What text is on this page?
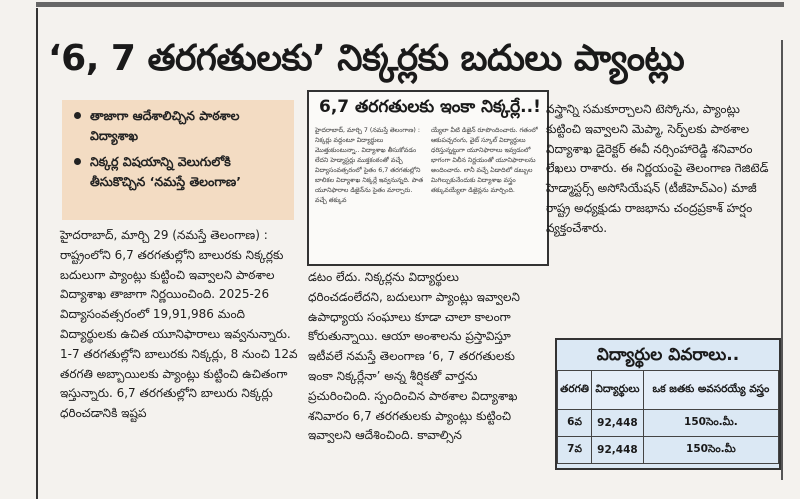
‘6, 7 తరగతులకు’ నిక్కర్లకు బదులు ప్యాంట్లు
తాజాగా ఆదేశాలిచ్చిన పాఠశాల విద్యాశాఖ
నిక్కర్ల విషయాన్ని వెలుగులోకి తీసుకొచ్చిన ‘నమస్తే తెలంగాణ’

హైదరాబాద్, మార్చి 29 (నమస్తే తెలంగాణ) : రాష్ట్రంలోని 6,7 తరగతుల్లోని బాలురకు నిక్కర్లకు బదులుగా ప్యాంట్లు కుట్టించి ఇవ్వాలని పాఠశాల విద్యాశాఖ తాజాగా నిర్ణయించింది. 2025-26 విద్యాసంవత్సరంలో 19,91,986 మంది విద్యార్థులకు ఉచిత యూనిఫారాలు ఇవ్వనున్నారు. 1-7 తరగతుల్లోని బాలురకు నిక్కర్లు, 8 నుంచి 12వ తరగతి అబ్బాయిలకు ప్యాంట్లు కుట్టించి ఉచితంగా ఇస్తున్నారు. 6,7 తరగతుల్లోని బాలురు నిక్కర్లు ధరించడానికి ఇష్టప

6,7 తరగతులకు ఇంకా నిక్కర్లే..!
హైదరాబాద్, మార్చి 7 (నమస్తే తెలంగాణ) : నిక్కర్లు వద్దంటూ విద్యార్థులు మొత్తుకుంటున్నా.. విద్యాశాఖ తీసుకోవడం లేదని హెడ్మాస్టర్లు ముక్తకంఠంతో వచ్చే విద్యాసంవత్సరంలో సైతం 6,7 తరగతుల్లోని బాలికల విద్యాశాఖ నిక్కర్లే ఇవ్వనున్నది. పాత యూనిఫారాల డిజైన్‌ను సైతం మార్చారు. వచ్చే తక్కువ
య్యేలా వీటి డిజైన్ రూపొందించారు. గతంలో ఆకుపచ్చరంగు, వైట్ స్కూల్ విద్యార్థులు ధరిస్తున్నట్టుగా యూనిఫారాలు ఇవ్వడంలో భాగంగా విలీన నిర్ణయంతో యూనిఫారాలను అందించారు. లానీ వచ్చే ఏడాదిలో డబ్బుల మిగిల్చుకునేందుకు విద్యాశాఖ వస్త్రం తక్కువయ్యేలా డిజైన్లను మార్చింది.

డటం లేదు. నిక్కర్లను విద్యార్థులు ధరించడంలేదని, బదులుగా ప్యాంట్లు ఇవ్వాలని ఉపాధ్యాయ సంఘాలు కూడా చాలా కాలంగా కోరుతున్నాయి. ఆయా అంశాలను ప్రస్తావిస్తూ ఇటీవలే నమస్తే తెలంగాణ ‘6, 7 తరగతులకు ఇంకా నిక్కర్లేనా’ అన్న శీర్షికతో వార్తను ప్రచురించింది. స్పందించిన పాఠశాల విద్యాశాఖ శనివారం 6,7 తరగతులకు ప్యాంట్లు కుట్టించి ఇవ్వాలని ఆదేశించింది. కావాల్సిన

వస్త్రాన్ని సమకూర్చాలని టెస్కోను, ప్యాంట్లు కుట్టించి ఇవ్వాలని మెప్మా, సెర్ప్‌లకు పాఠశాల విద్యాశాఖ డైరెక్టర్ ఈవీ నర్సింహారెడ్డి శనివారం లేఖలు రాశారు. ఈ నిర్ణయంపై తెలంగాణ గెజిటెడ్ హెడ్మాస్టర్స్ అసోసియేషన్ (టీజీహెచ్‌ఎం) మాజీ రాష్ట్ర అధ్యక్షుడు రాజభాను చంద్రప్రకాశ్ హర్షం వ్యక్తంచేశారు.

విద్యార్థుల వివరాలు..
తరగతి	విద్యార్థులు	ఒక జతకు అవసరయ్యే వస్త్రం
6వ	92,448	150సెం.మీ.
7వ	92,448	150సెం.మీ
